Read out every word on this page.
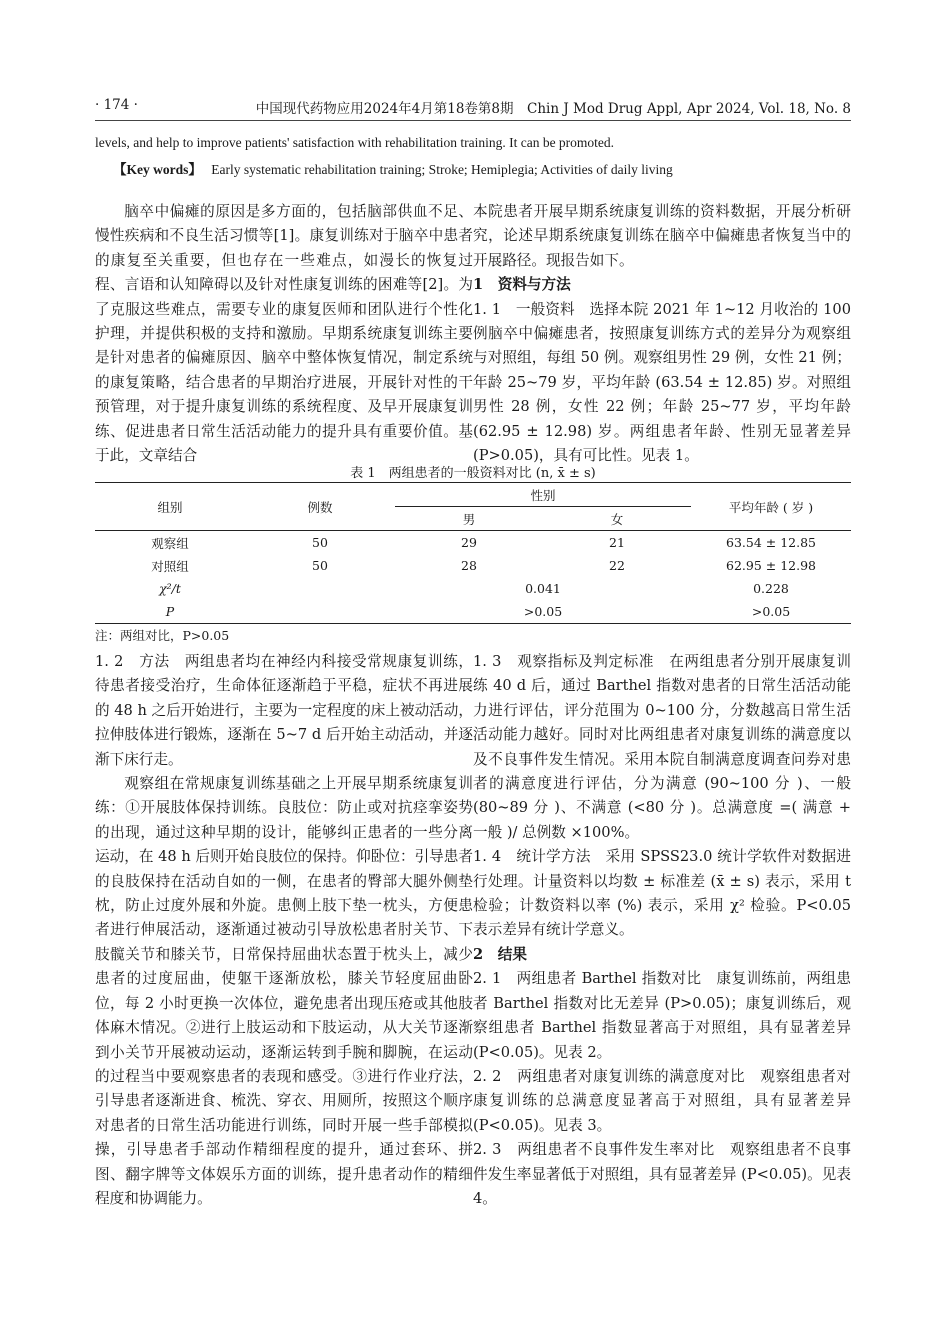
· 174 ·	中国现代药物应用2024年4月第18卷第8期　Chin J Mod Drug Appl, Apr 2024, Vol. 18, No. 8
levels, and help to improve patients' satisfaction with rehabilitation training. It can be promoted.
【Key words】 Early systematic rehabilitation training; Stroke; Hemiplegia; Activities of daily living

脑卒中偏瘫的原因是多方面的，包括脑部供血不足、慢性疾病和不良生活习惯等[1]。康复训练对于脑卒中患者的康复至关重要，但也存在一些难点，如漫长的恢复过程、言语和认知障碍以及针对性康复训练的困难等[2]。为了克服这些难点，需要专业的康复医师和团队进行个性化护理，并提供积极的支持和激励。早期系统康复训练主要是针对患者的偏瘫原因、脑卒中整体恢复情况，制定系统的康复策略，结合患者的早期治疗进展，开展针对性的干预管理，对于提升康复训练的系统程度、及早开展康复训练、促进患者日常生活活动能力的提升具有重要价值。基于此，文章结合

本院患者开展早期系统康复训练的资料数据，开展分析研究，论述早期系统康复训练在脑卒中偏瘫患者恢复当中的开展路径。现报告如下。

1　资料与方法

1. 1　一般资料　选择本院 2021 年 1~12 月收治的 100 例脑卒中偏瘫患者，按照康复训练方式的差异分为观察组与对照组，每组 50 例。观察组男性 29 例，女性 21 例；年龄 25~79 岁，平均年龄 (63.54 ± 12.85) 岁。对照组男性 28 例，女性 22 例；年龄 25~77 岁，平均年龄 (62.95 ± 12.98) 岁。两组患者年龄、性别无显著差异 (P>0.05)，具有可比性。见表 1。

表 1　两组患者的一般资料对比 (n, x̄ ± s)
组别	例数	性别		平均年龄 ( 岁 )
		男	女	
观察组	50	29	21	63.54 ± 12.85
对照组	50	28	22	62.95 ± 12.98
χ²/t		0.041		0.228
P		>0.05		>0.05
注：两组对比，P>0.05

1. 2　方法　两组患者均在神经内科接受常规康复训练，待患者接受治疗，生命体征逐渐趋于平稳，症状不再进展的 48 h 之后开始进行，主要为一定程度的床上被动活动，拉伸肢体进行锻炼，逐渐在 5~7 d 后开始主动活动，并逐渐下床行走。

观察组在常规康复训练基础之上开展早期系统康复训练：①开展肢体保持训练。良肢位：防止或对抗痉挛姿势的出现，通过这种早期的设计，能够纠正患者的一些分离运动，在 48 h 后则开始良肢位的保持。仰卧位：引导患者的良肢保持在活动自如的一侧，在患者的臀部大腿外侧垫枕，防止过度外展和外旋。患侧上肢下垫一枕头，方便患者进行伸展活动，逐渐通过被动引导放松患者肘关节、下肢髋关节和膝关节，日常保持屈曲状态置于枕头上，减少患者的过度屈曲，使躯干逐渐放松，膝关节轻度屈曲卧位，每 2 小时更换一次体位，避免患者出现压疮或其他肢体麻木情况。②进行上肢运动和下肢运动，从大关节逐渐到小关节开展被动运动，逐渐运转到手腕和脚腕，在运动的过程当中要观察患者的表现和感受。③进行作业疗法，引导患者逐渐进食、梳洗、穿衣、用厕所，按照这个顺序对患者的日常生活功能进行训练，同时开展一些手部模拟操，引导患者手部动作精细程度的提升，通过套环、拼图、翻字牌等文体娱乐方面的训练，提升患者动作的精细程度和协调能力。

1. 3　观察指标及判定标准　在两组患者分别开展康复训练 40 d 后，通过 Barthel 指数对患者的日常生活活动能力进行评估，评分范围为 0~100 分，分数越高日常生活活动能力越好。同时对比两组患者对康复训练的满意度以及不良事件发生情况。采用本院自制满意度调查问券对患者的满意度进行评估，分为满意 (90~100 分 )、一般 (80~89 分 )、不满意 (<80 分 )。总满意度 =( 满意 + 一般 )/ 总例数 ×100%。

1. 4　统计学方法　采用 SPSS23.0 统计学软件对数据进行处理。计量资料以均数 ± 标准差 (x̄ ± s) 表示，采用 t 检验；计数资料以率 (%) 表示，采用 χ² 检验。P<0.05 表示差异有统计学意义。

2　结果

2. 1　两组患者 Barthel 指数对比　康复训练前，两组患者 Barthel 指数对比无差异 (P>0.05)；康复训练后，观察组患者 Barthel 指数显著高于对照组，具有显著差异 (P<0.05)。见表 2。

2. 2　两组患者对康复训练的满意度对比　观察组患者对康复训练的总满意度显著高于对照组，具有显著差异 (P<0.05)。见表 3。

2. 3　两组患者不良事件发生率对比　观察组患者不良事件发生率显著低于对照组，具有显著差异 (P<0.05)。见表 4。
